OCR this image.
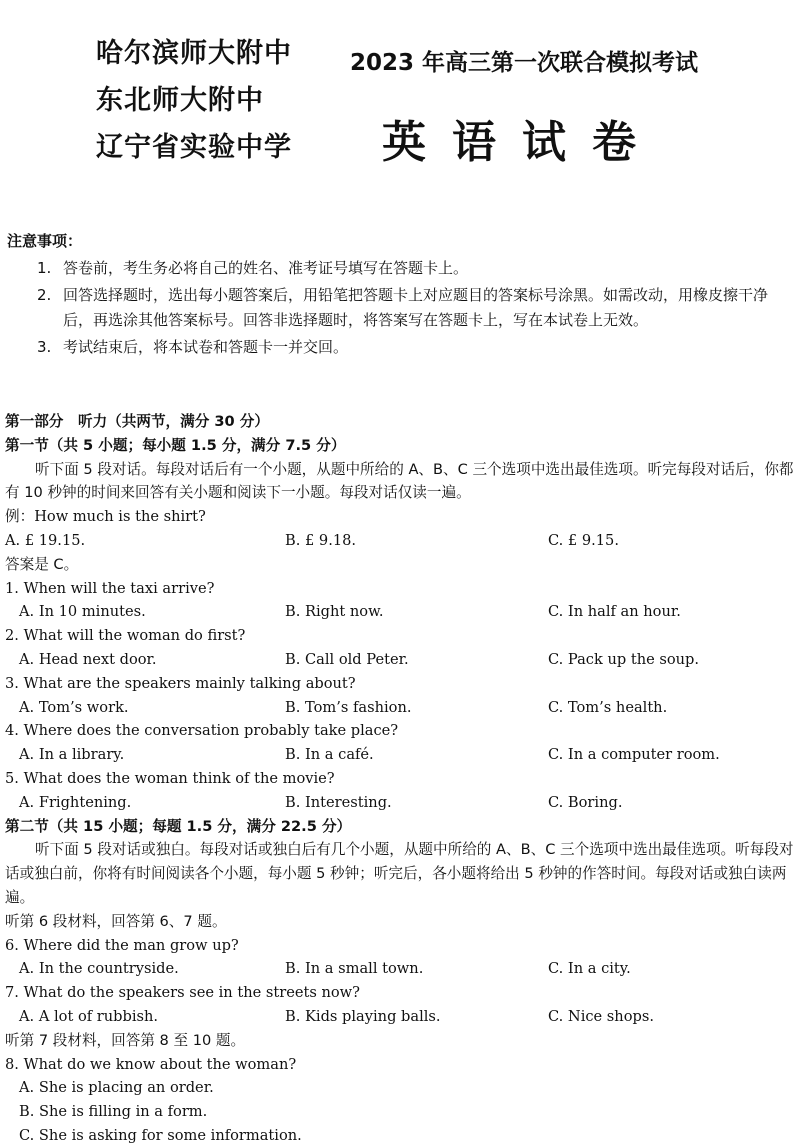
哈尔滨师大附中
东北师大附中
辽宁省实验中学
2023 年高三第一次联合模拟考试
英语试卷
注意事项：
1. 答卷前，考生务必将自己的姓名、准考证号填写在答题卡上。
2. 回答选择题时，选出每小题答案后，用铅笔把答题卡上对应题目的答案标号涂黑。如需改动，用橡皮擦干净后，再选涂其他答案标号。回答非选择题时，将答案写在答题卡上，写在本试卷上无效。
3. 考试结束后，将本试卷和答题卡一并交回。
第一部分　听力（共两节，满分 30 分）
第一节（共 5 小题；每小题 1.5 分，满分 7.5 分）
听下面 5 段对话。每段对话后有一个小题，从题中所给的 A、B、C 三个选项中选出最佳选项。听完每段对话后，你都有 10 秒钟的时间来回答有关小题和阅读下一小题。每段对话仅读一遍。
例：How much is the shirt?
A. £ 19.15.	B. £ 9.18.	C. £ 9.15.
答案是 C。
1. When will the taxi arrive?
A. In 10 minutes.	B. Right now.	C. In half an hour.
2. What will the woman do first?
A. Head next door.	B. Call old Peter.	C. Pack up the soup.
3. What are the speakers mainly talking about?
A. Tom’s work.	B. Tom’s fashion.	C. Tom’s health.
4. Where does the conversation probably take place?
A. In a library.	B. In a café.	C. In a computer room.
5. What does the woman think of the movie?
A. Frightening.	B. Interesting.	C. Boring.
第二节（共 15 小题；每题 1.5 分，满分 22.5 分）
听下面 5 段对话或独白。每段对话或独白后有几个小题，从题中所给的 A、B、C 三个选项中选出最佳选项。听每段对话或独白前，你将有时间阅读各个小题，每小题 5 秒钟；听完后，各小题将给出 5 秒钟的作答时间。每段对话或独白读两遍。
听第 6 段材料，回答第 6、7 题。
6. Where did the man grow up?
A. In the countryside.	B. In a small town.	C. In a city.
7. What do the speakers see in the streets now?
A. A lot of rubbish.	B. Kids playing balls.	C. Nice shops.
听第 7 段材料，回答第 8 至 10 题。
8. What do we know about the woman?
A. She is placing an order.
B. She is filling in a form.
C. She is asking for some information.
